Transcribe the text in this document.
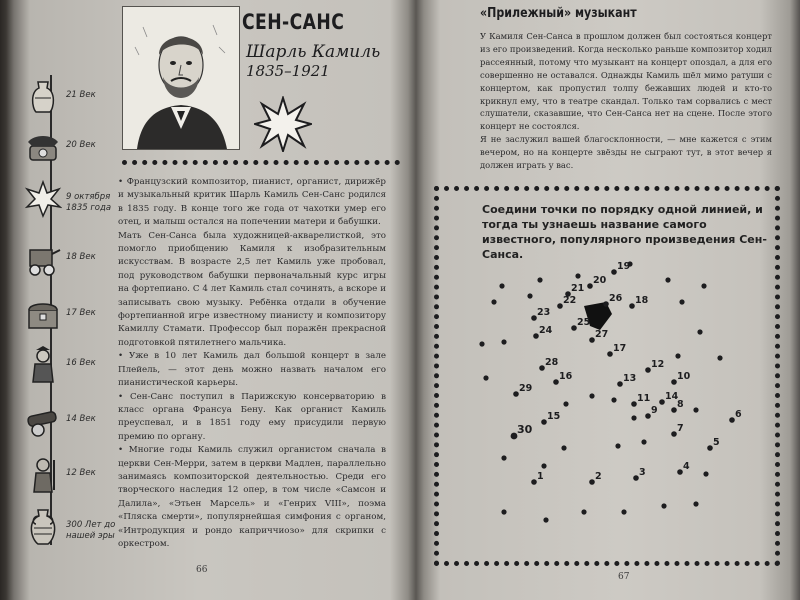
СЕН-САНС
Шарль Камиль
1835–1921
21 Век
20 Век
9 октября 1835 года
18 Век
17 Век
16 Век
14 Век
12 Век
300 Лет до нашей эры

• Французский композитор, пианист, органист, дирижёр и музыкальный критик Шарль Камиль Сен-Санс родился в 1835 году. В конце того же года от чахотки умер его отец, и малыш остался на попечении матери и бабушки.

Мать Сен-Санса была художницей-акварелисткой, это помогло приобщению Камиля к изобразительным искусствам. В возрасте 2,5 лет Камиль уже пробовал, под руководством бабушки первоначальный курс игры на фортепиано. С 4 лет Камиль стал сочинять, а вскоре и записывать свою музыку. Ребёнка отдали в обучение фортепианной игре известному пианисту и композитору Камиллу Стамати. Профессор был поражён прекрасной подготовкой пятилетнего мальчика.

• Уже в 10 лет Камиль дал большой концерт в зале Плейель, — этот день можно назвать началом его пианистической карьеры.

• Сен-Санс поступил в Парижскую консерваторию в класс органа Франсуа Бену. Как органист Камиль преуспевал, и в 1851 году ему присудили первую премию по органу.

• Многие годы Камиль служил органистом сначала в церкви Сен-Мерри, затем в церкви Мадлен, параллельно занимаясь композиторской деятельностью. Среди его творческого наследия 12 опер, в том числе «Самсон и Далила», «Этьен Марсель» и «Генрих VIII», поэма «Пляска смерти», популярнейшая симфония с органом, «Интродукция и рондо каприччиозо» для скрипки с оркестром.

66
«Прилежный» музыкант

У Камиля Сен-Санса в прошлом должен был состояться концерт из его произведений. Когда несколько раньше композитор ходил рассеянный, потому что музыкант на концерт опоздал, а для его совершенно не оставался. Однажды Камиль шёл мимо ратуши с концертом, как пропустил толпу бежавших людей и кто-то крикнул ему, что в театре скандал. Только там сорвались с мест слушатели, сказавшие, что Сен-Санса нет на сцене. После этого концерт не состоялся.

Я не заслужил вашей благосклонности, — мне кажется с этим вечером, но на концерте звёзды не сыграют тут, в этот вечер я должен играть у вас.

Соедини точки по порядку одной линией, и тогда ты узнаешь название самого известного, популярного произведения Сен-Санса.
1	2	3
4
5
6
7
8
9
10
11
12
13
14
15
16
17
18
19
20
21
22
23
24
25
26
27
28
29
30
67
